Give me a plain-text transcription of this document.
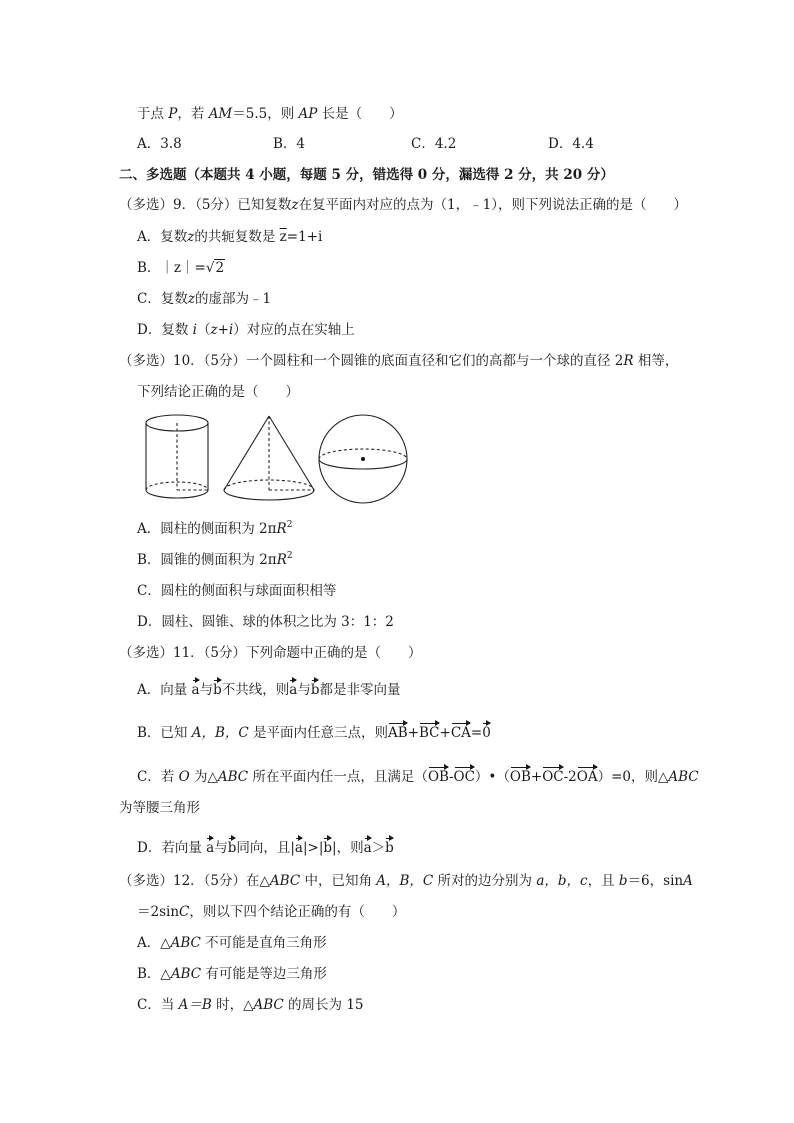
于点 P，若 AM＝5.5，则 AP 长是（　　）
A．3.8	B．4	C．4.2	D．4.4
二、多选题（本题共 4 小题，每题 5 分，错选得 0 分，漏选得 2 分，共 20 分）
（多选）9．（5分）已知复数z在复平面内对应的点为（1，﹣1），则下列说法正确的是（　　）
A．复数z的共轭复数是 $\overline{z}=1+i$
B．｜z｜=√2
C．复数z的虚部为﹣1
D．复数 i（z+i）对应的点在实轴上
（多选）10．（5分）一个圆柱和一个圆锥的底面直径和它们的高都与一个球的直径 2R 相等，
下列结论正确的是（　　）
A．圆柱的侧面积为 $2\pi R^2$
B．圆锥的侧面积为 $2\pi R^2$
C．圆柱的侧面积与球面面积相等
D．圆柱、圆锥、球的体积之比为 3：1：2
（多选）11．（5分）下列命题中正确的是（　　）
A．向量 a与b不共线，则a与b都是非零向量
B．已知 A，B，C 是平面内任意三点，则AB+BC+CA=0
C．若 O 为△ABC 所在平面内任一点，且满足（OB-OC）•（OB+OC-2OA）=0，则△ABC
为等腰三角形
D．若向量 a与b同向，且|a|>|b|，则a＞b
（多选）12．（5分）在△ABC 中，已知角 A，B，C 所对的边分别为 a，b，c，且 b＝6，sinA
＝2sinC，则以下四个结论正确的有（　　）
A．△ABC 不可能是直角三角形
B．△ABC 有可能是等边三角形
C．当 A＝B 时，△ABC 的周长为 15
